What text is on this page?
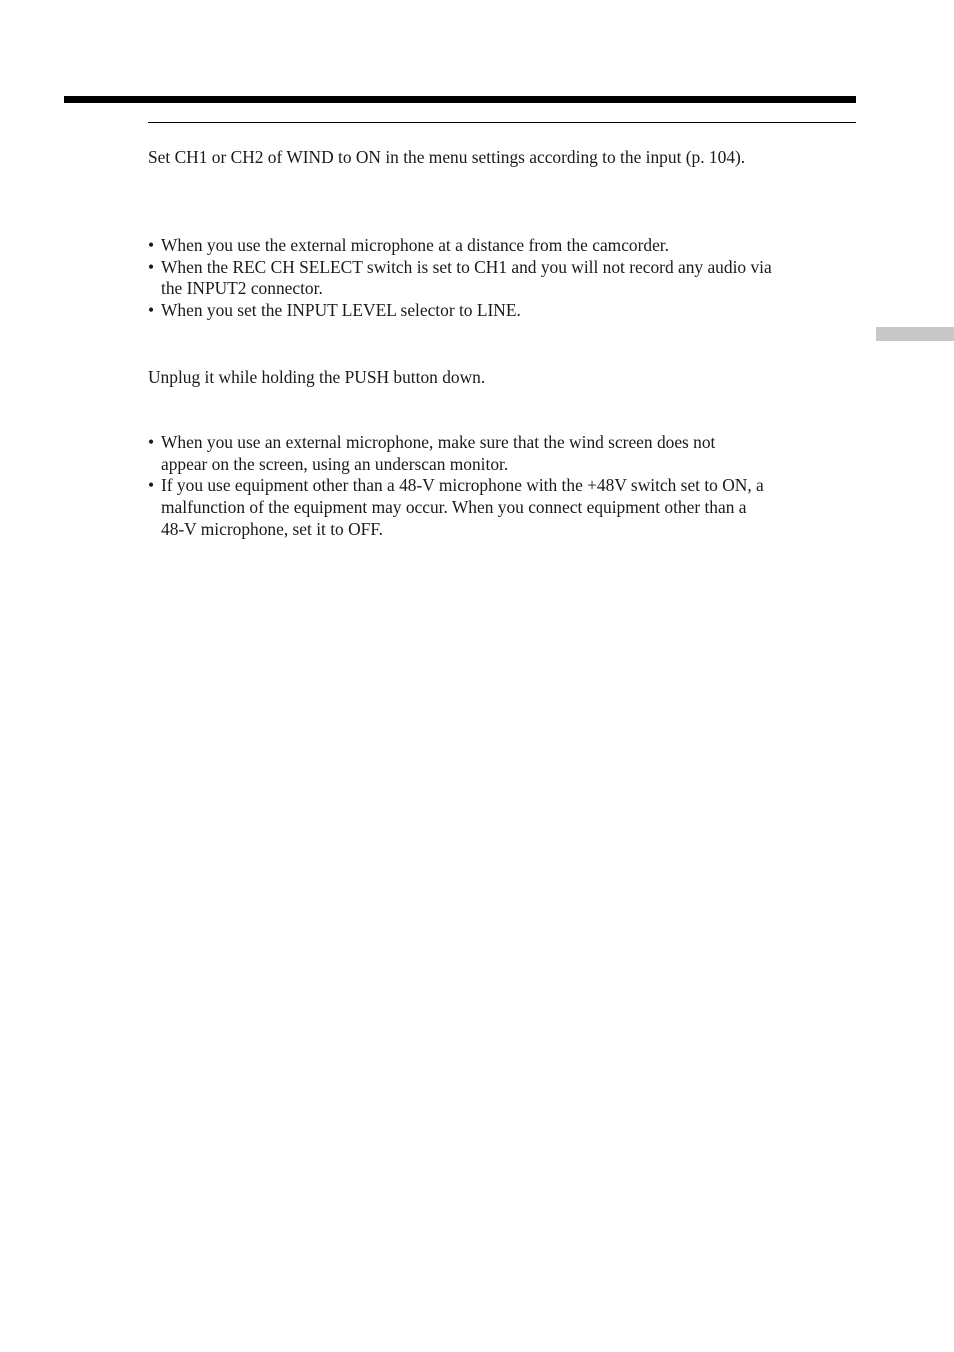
Set CH1 or CH2 of WIND to ON in the menu settings according to the input (p. 104).

• When you use the external microphone at a distance from the camcorder.
• When the REC CH SELECT switch is set to CH1 and you will not record any audio via
the INPUT2 connector.
• When you set the INPUT LEVEL selector to LINE.

Unplug it while holding the PUSH button down.

• When you use an external microphone, make sure that the wind screen does not
appear on the screen, using an underscan monitor.
• If you use equipment other than a 48-V microphone with the +48V switch set to ON, a
malfunction of the equipment may occur. When you connect equipment other than a
48-V microphone, set it to OFF.
